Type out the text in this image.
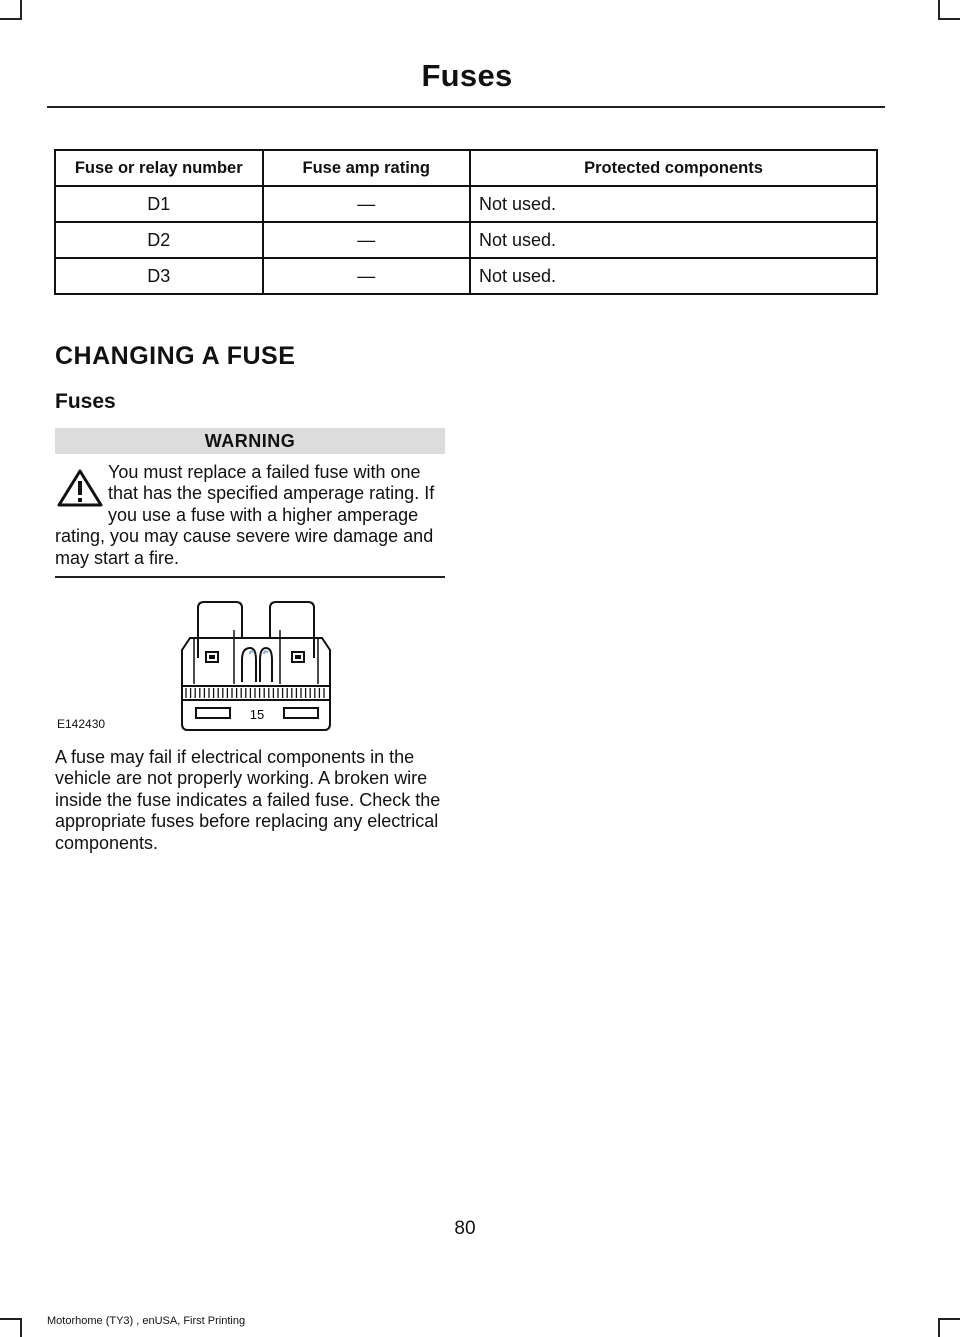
Fuses
Fuse or relay number	Fuse amp rating	Protected components
D1	—	Not used.
D2	—	Not used.
D3	—	Not used.
CHANGING A FUSE
Fuses
WARNING
You must replace a failed fuse with one that has the specified amperage rating. If you use a fuse with a higher amperage rating, you may cause severe wire damage and may start a fire.
15
E142430
A fuse may fail if electrical components in the vehicle are not properly working. A broken wire inside the fuse indicates a failed fuse. Check the appropriate fuses before replacing any electrical components.
80
Motorhome (TY3) , enUSA, First Printing
